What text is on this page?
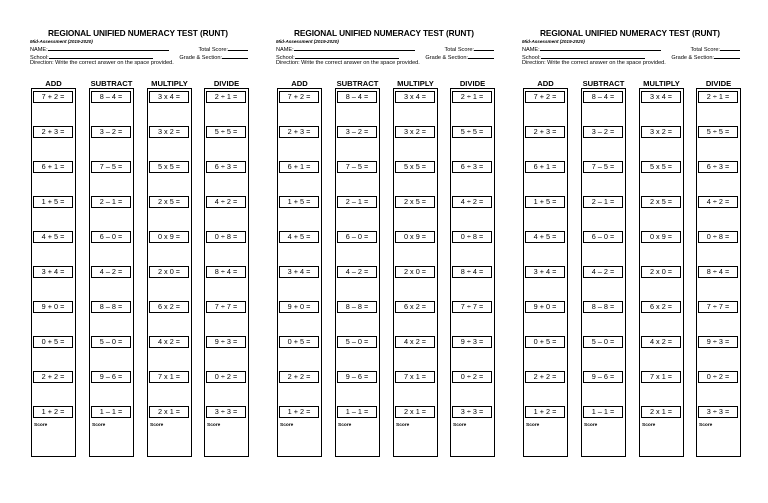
REGIONAL UNIFIED NUMERACY TEST (RUNT)
Mid-Assessment (2019-2020)
NAME:	Total Score:
School:	Grade & Section:
Direction: Write the correct answer on the space provided.
ADD
7 + 2 =
2 + 3 =
6 + 1 =
1 + 5 =
4 + 5 =
3 + 4 =
9 + 0 =
0 + 5 =
2 + 2 =
1 + 2 =
Score
SUBTRACT
8 – 4 =
3 – 2 =
7 – 5 =
2 – 1 =
6 – 0 =
4 – 2 =
8 – 8 =
5 – 0 =
9 – 6 =
1 – 1 =
Score
MULTIPLY
3 x 4 =
3 x 2 =
5 x 5 =
2 x 5 =
0 x 9 =
2 x 0 =
6 x 2 =
4 x 2 =
7 x 1 =
2 x 1 =
Score
DIVIDE
2 ÷ 1 =
5 ÷ 5 =
6 ÷ 3 =
4 ÷ 2 =
0 ÷ 8 =
8 ÷ 4 =
7 ÷ 7 =
9 ÷ 3 =
0 ÷ 2 =
3 ÷ 3 =
Score
REGIONAL UNIFIED NUMERACY TEST (RUNT)
Mid-Assessment (2019-2020)
NAME:	Total Score:
School:	Grade & Section:
Direction: Write the correct answer on the space provided.
ADD
7 + 2 =
2 + 3 =
6 + 1 =
1 + 5 =
4 + 5 =
3 + 4 =
9 + 0 =
0 + 5 =
2 + 2 =
1 + 2 =
Score
SUBTRACT
8 – 4 =
3 – 2 =
7 – 5 =
2 – 1 =
6 – 0 =
4 – 2 =
8 – 8 =
5 – 0 =
9 – 6 =
1 – 1 =
Score
MULTIPLY
3 x 4 =
3 x 2 =
5 x 5 =
2 x 5 =
0 x 9 =
2 x 0 =
6 x 2 =
4 x 2 =
7 x 1 =
2 x 1 =
Score
DIVIDE
2 ÷ 1 =
5 ÷ 5 =
6 ÷ 3 =
4 ÷ 2 =
0 ÷ 8 =
8 ÷ 4 =
7 ÷ 7 =
9 ÷ 3 =
0 ÷ 2 =
3 ÷ 3 =
Score
REGIONAL UNIFIED NUMERACY TEST (RUNT)
Mid-Assessment (2019-2020)
NAME:	Total Score:
School:	Grade & Section:
Direction: Write the correct answer on the space provided.
ADD
7 + 2 =
2 + 3 =
6 + 1 =
1 + 5 =
4 + 5 =
3 + 4 =
9 + 0 =
0 + 5 =
2 + 2 =
1 + 2 =
Score
SUBTRACT
8 – 4 =
3 – 2 =
7 – 5 =
2 – 1 =
6 – 0 =
4 – 2 =
8 – 8 =
5 – 0 =
9 – 6 =
1 – 1 =
Score
MULTIPLY
3 x 4 =
3 x 2 =
5 x 5 =
2 x 5 =
0 x 9 =
2 x 0 =
6 x 2 =
4 x 2 =
7 x 1 =
2 x 1 =
Score
DIVIDE
2 ÷ 1 =
5 ÷ 5 =
6 ÷ 3 =
4 ÷ 2 =
0 ÷ 8 =
8 ÷ 4 =
7 ÷ 7 =
9 ÷ 3 =
0 ÷ 2 =
3 ÷ 3 =
Score
